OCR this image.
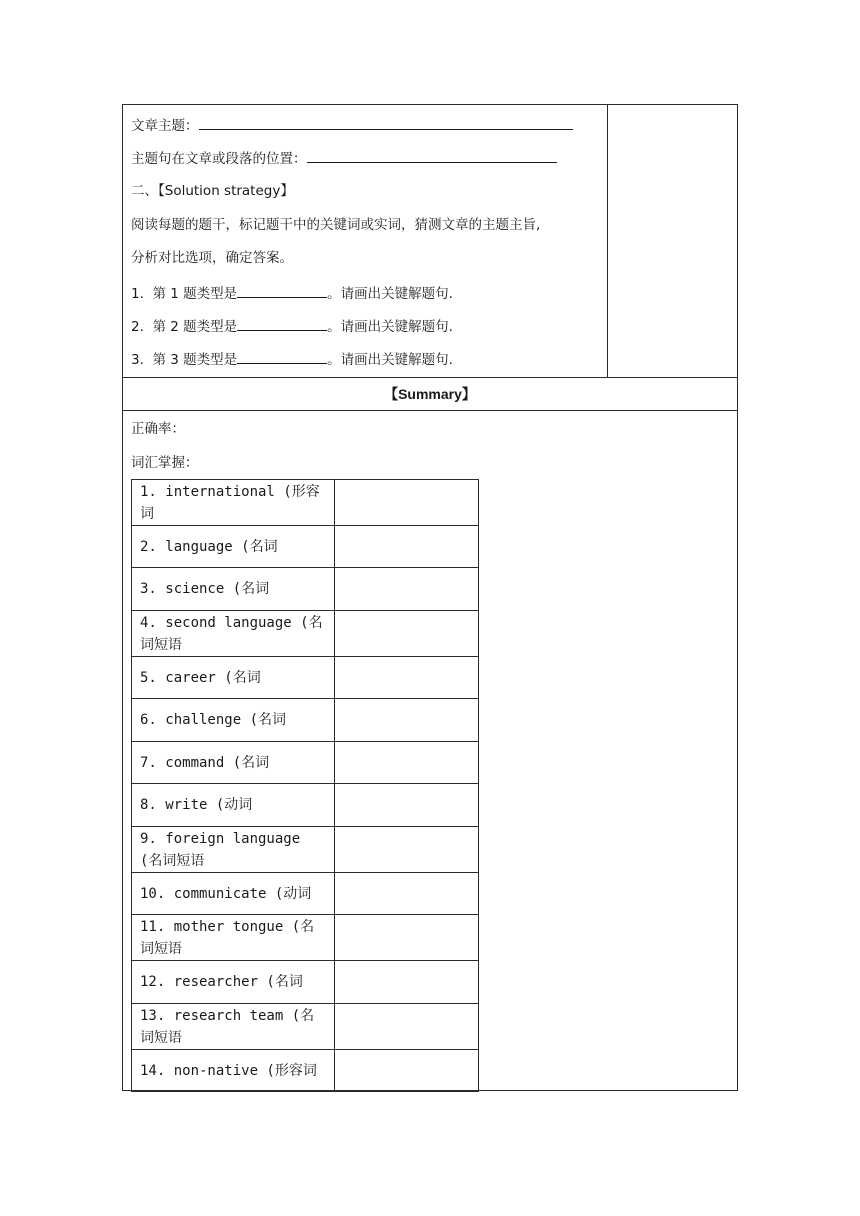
文章主题：
主题句在文章或段落的位置：
二、【Solution strategy】
阅读每题的题干，标记题干中的关键词或实词，猜测文章的主题主旨,
分析对比选项，确定答案。
1. 第 1 题类型是	。请画出关键解题句.
2. 第 2 题类型是	。请画出关键解题句.
3. 第 3 题类型是	。请画出关键解题句.
【Summary】
正确率：
词汇掌握：
1. international (形容词	
2. language (名词	
3. science (名词	
4. second language (名词短语	
5. career (名词	
6. challenge (名词	
7. command (名词	
8. write (动词	
9. foreign language (名词短语	
10. communicate (动词	
11. mother tongue (名词短语	
12. researcher (名词	
13. research team (名词短语	
14. non-native (形容词	
